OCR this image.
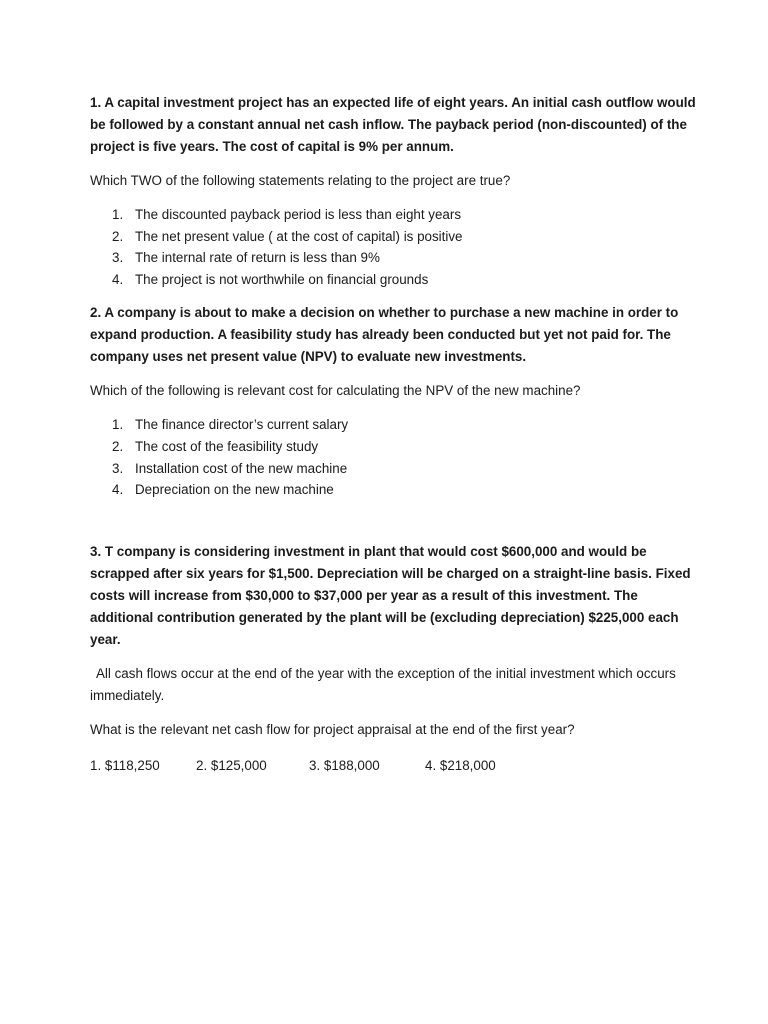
1. A capital investment project has an expected life of eight years. An initial cash outflow would be followed by a constant annual net cash inflow. The payback period (non-discounted) of the project is five years. The cost of capital is 9% per annum.

Which TWO of the following statements relating to the project are true?

1. The discounted payback period is less than eight years
2. The net present value ( at the cost of capital) is positive
3. The internal rate of return is less than 9%
4. The project is not worthwhile on financial grounds

2. A company is about to make a decision on whether to purchase a new machine in order to expand production. A feasibility study has already been conducted but yet not paid for. The company uses net present value (NPV) to evaluate new investments.

Which of the following is relevant cost for calculating the NPV of the new machine?

1. The finance director’s current salary
2. The cost of the feasibility study
3. Installation cost of the new machine
4. Depreciation on the new machine

3. T company is considering investment in plant that would cost $600,000 and would be scrapped after six years for $1,500. Depreciation will be charged on a straight-line basis. Fixed costs will increase from $30,000 to $37,000 per year as a result of this investment. The additional contribution generated by the plant will be (excluding depreciation) $225,000 each year.

All cash flows occur at the end of the year with the exception of the initial investment which occurs immediately.

What is the relevant net cash flow for project appraisal at the end of the first year?

1. $118,250	2. $125,000	3. $188,000	4. $218,000
